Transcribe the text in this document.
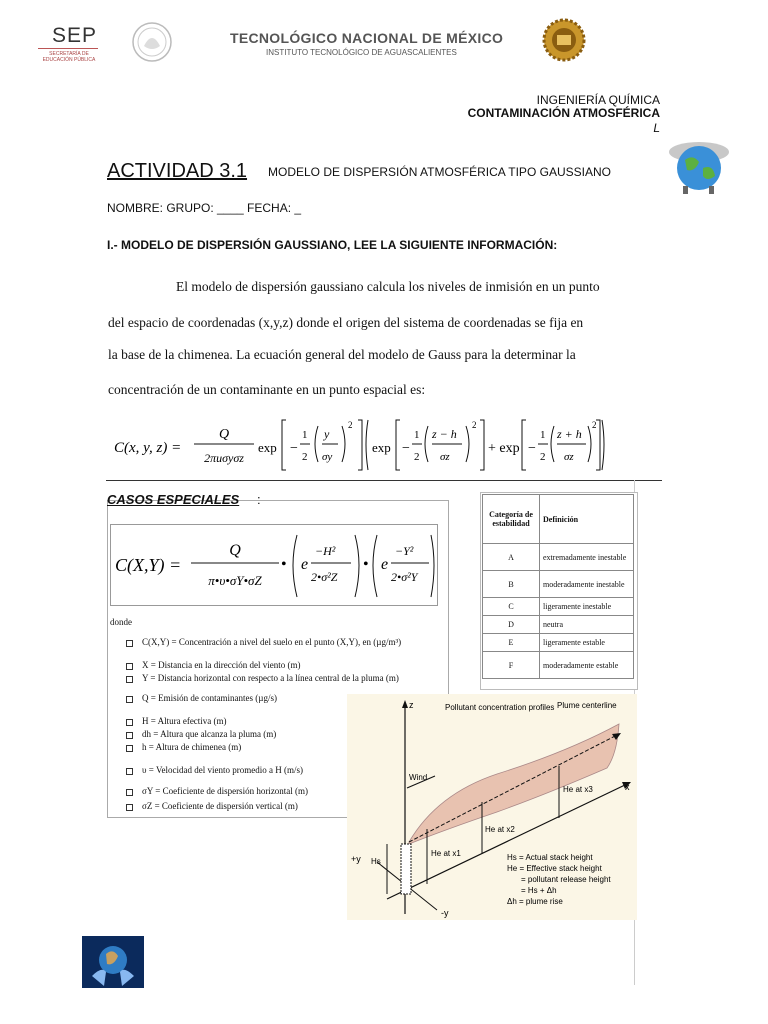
SEP
SECRETARÍA DE EDUCACIÓN PÚBLICA
TECNOLÓGICO NACIONAL DE MÉXICO
INSTITUTO TECNOLÓGICO DE AGUASCALIENTES
INGENIERÍA QUÍMICA
CONTAMINACIÓN ATMOSFÉRICA
L
ACTIVIDAD 3.1 MODELO DE DISPERSIÓN ATMOSFÉRICA TIPO GAUSSIANO
NOMBRE: GRUPO: ____ FECHA: _
I.- MODELO DE DISPERSIÓN GAUSSIANO, LEE LA SIGUIENTE INFORMACIÓN:
El modelo de dispersión gaussiano calcula los niveles de inmisión en un punto
del espacio de coordenadas (x,y,z) donde el origen del sistema de coordenadas se fija en
la base de la chimenea. La ecuación general del modelo de Gauss para la determinar la
concentración de un contaminante en un punto espacial es:
C(x, y, z) =
Q
2πuσyσz
exp −
1
2
y
σy
2
exp −
1
2
z − h
σz
2
+ exp −
1
2
z + h
σz
2
CASOS ESPECIALES :
C(X,Y) =
Q
π•υ•σY•σZ
• e
−H²
2•σ²Z
• e
−Y²
2•σ²Y
donde
C(X,Y) = Concentración a nivel del suelo en el punto (X,Y), en (µg/m³)
X = Distancia en la dirección del viento (m)
Y = Distancia horizontal con respecto a la línea central de la pluma (m)
Q = Emisión de contaminantes (µg/s)
H = Altura efectiva (m)
dh = Altura que alcanza la pluma (m)
h = Altura de chimenea (m)
υ = Velocidad del viento promedio a H (m/s)
σY = Coeficiente de dispersión horizontal (m)
σZ = Coeficiente de dispersión vertical (m)
Categoría de estabilidad	Definición
A	extremadamente inestable
B	moderadamente inestable
C	ligeramente inestable
D	neutra
E	ligeramente estable
F	moderadamente estable
z
x
+y
-y
Plume centerline
Pollutant concentration profiles
Wind
He at x1
He at x2
He at x3
Hs	Hs = Actual stack height
He = Effective stack height
= pollutant release height
= Hs + Δh
Δh = plume rise
